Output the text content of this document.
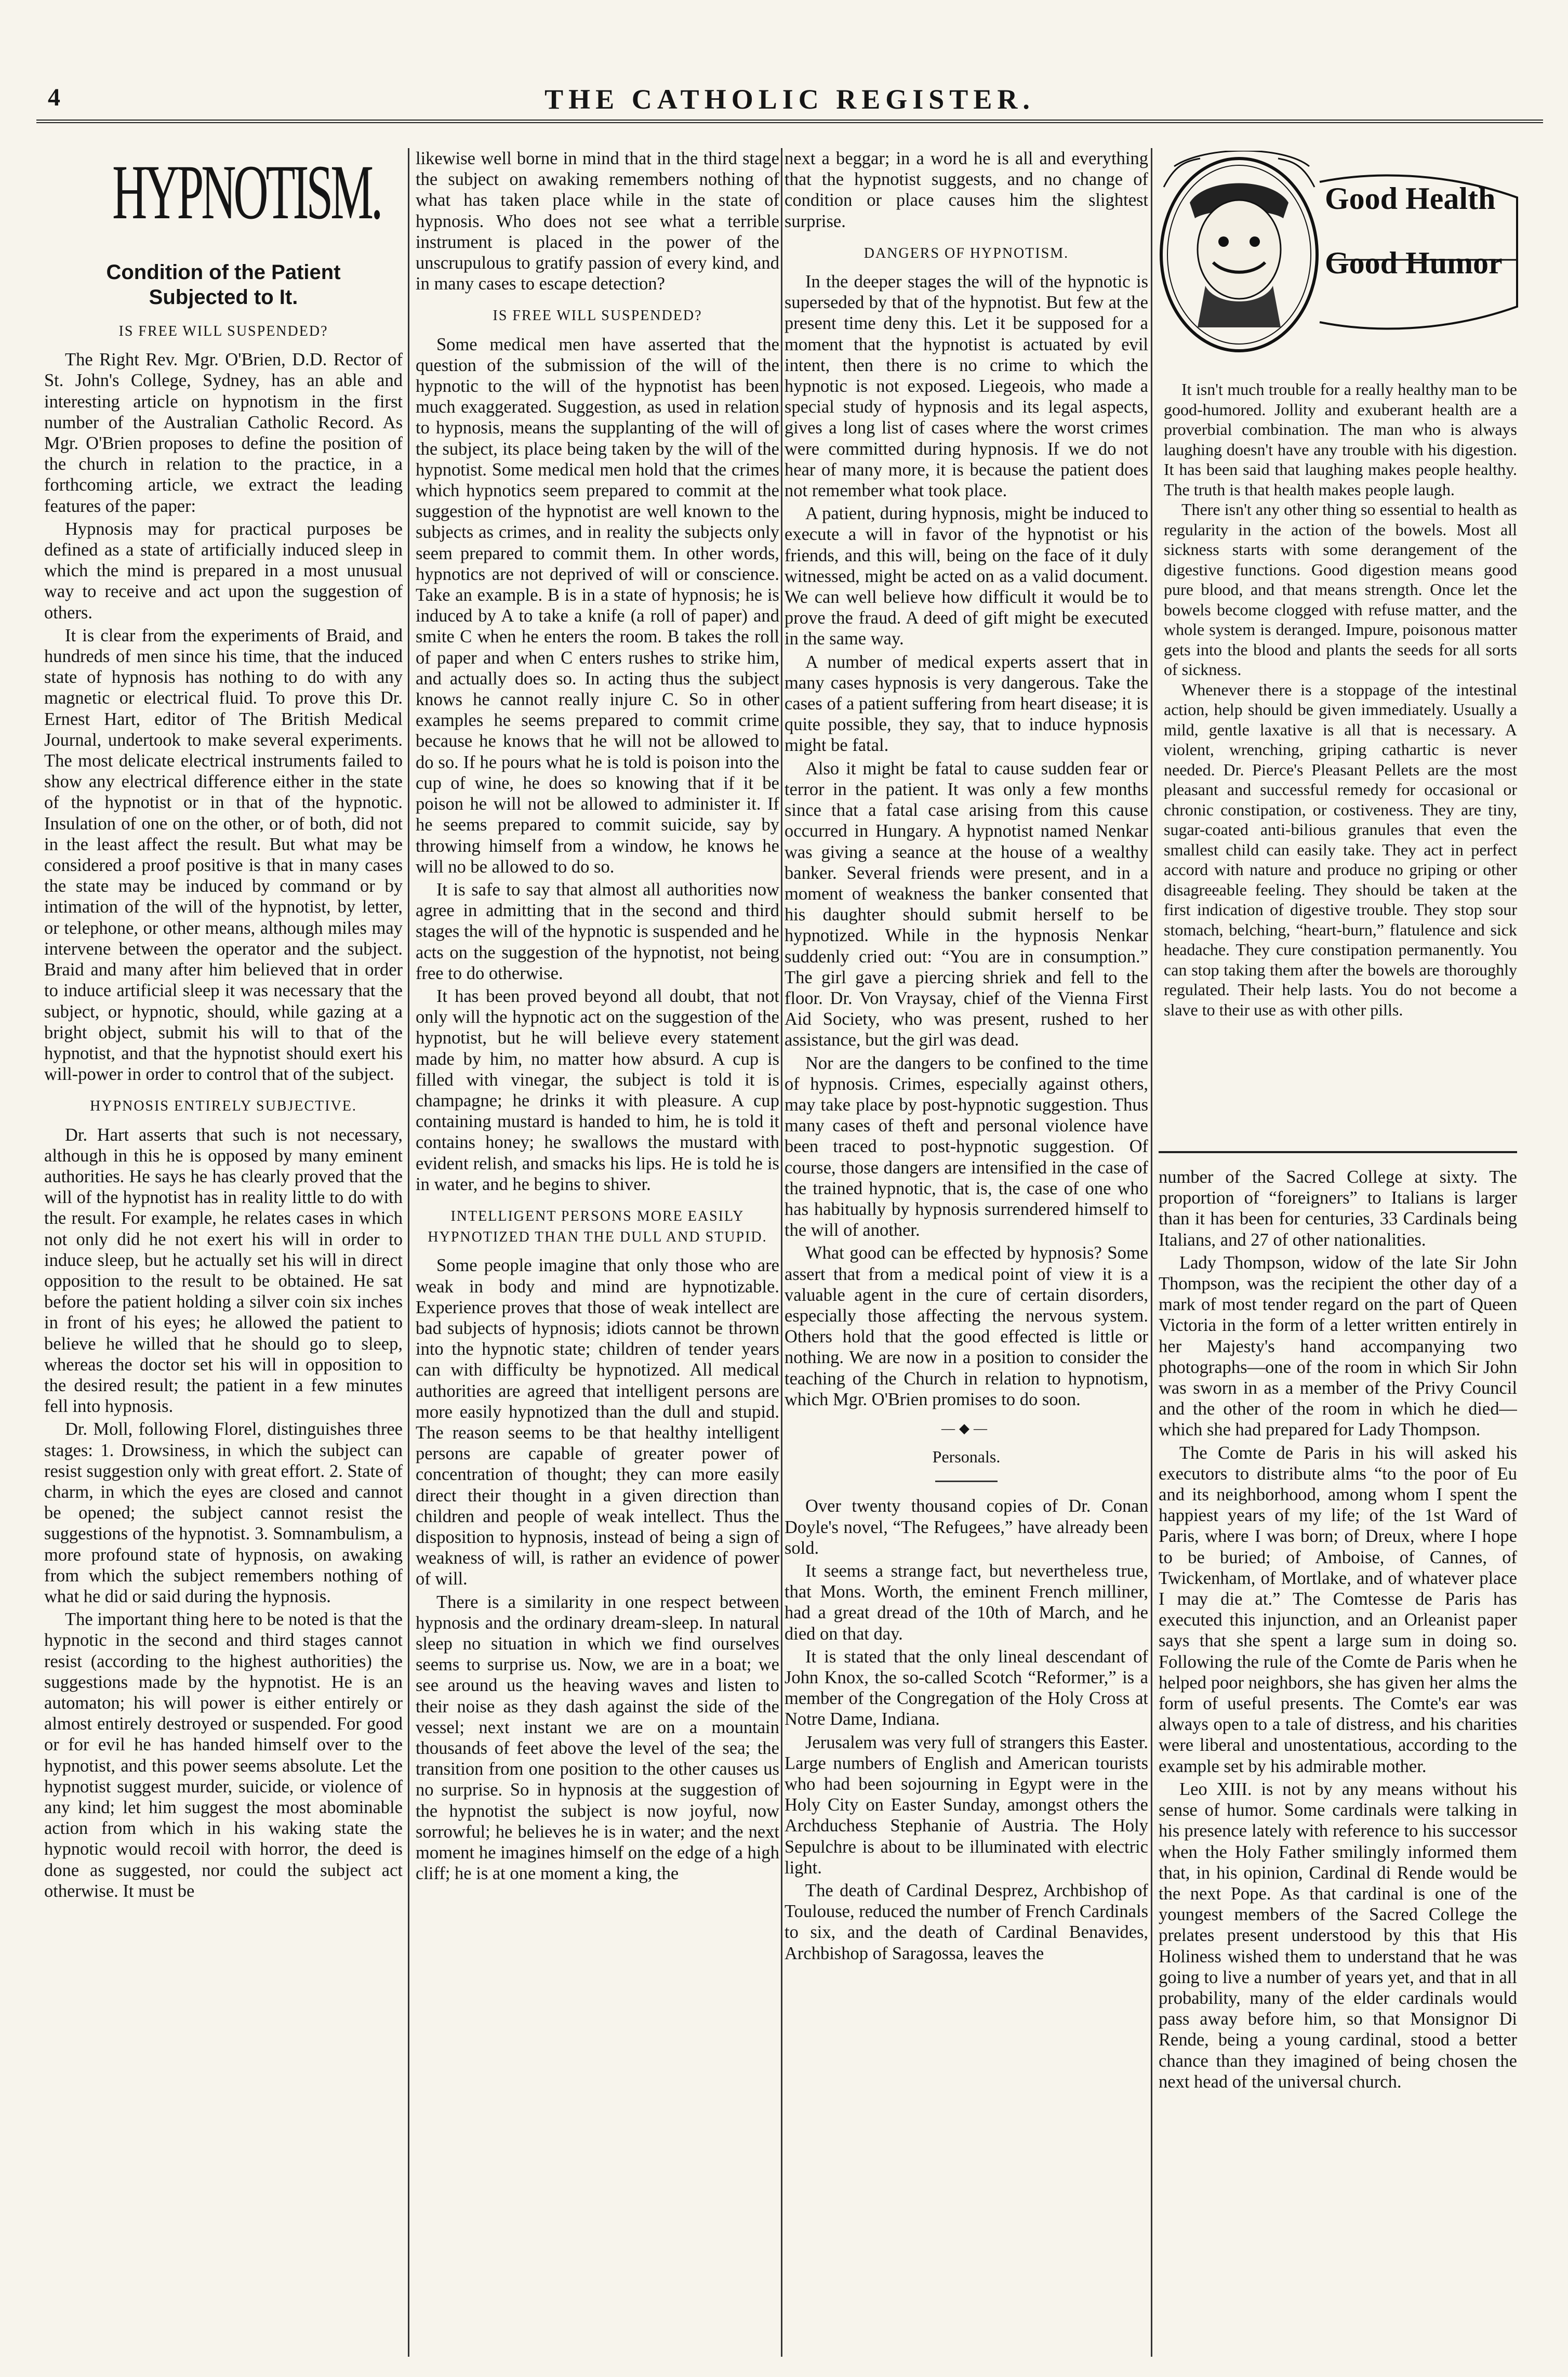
4	THE CATHOLIC REGISTER.
HYPNOTISM.
Condition of the Patient Subjected to It.
IS FREE WILL SUSPENDED?

The Right Rev. Mgr. O'Brien, D.D. Rector of St. John's College, Sydney, has an able and interesting article on hypnotism in the first number of the Australian Catholic Record. As Mgr. O'Brien proposes to define the position of the church in relation to the practice, in a forthcoming article, we extract the leading features of the paper:

Hypnosis may for practical purposes be defined as a state of artificially induced sleep in which the mind is prepared in a most unusual way to receive and act upon the suggestion of others.

It is clear from the experiments of Braid, and hundreds of men since his time, that the induced state of hypnosis has nothing to do with any magnetic or electrical fluid. To prove this Dr. Ernest Hart, editor of The British Medical Journal, undertook to make several experiments. The most delicate electrical instruments failed to show any electrical difference either in the state of the hypnotist or in that of the hypnotic. Insulation of one on the other, or of both, did not in the least affect the result. But what may be considered a proof positive is that in many cases the state may be induced by command or by intimation of the will of the hypnotist, by letter, or telephone, or other means, although miles may intervene between the operator and the subject. Braid and many after him believed that in order to induce artificial sleep it was necessary that the subject, or hypnotic, should, while gazing at a bright object, submit his will to that of the hypnotist, and that the hypnotist should exert his will-power in order to control that of the subject.

HYPNOSIS ENTIRELY SUBJECTIVE.

Dr. Hart asserts that such is not necessary, although in this he is opposed by many eminent authorities. He says he has clearly proved that the will of the hypnotist has in reality little to do with the result. For example, he relates cases in which not only did he not exert his will in order to induce sleep, but he actually set his will in direct opposition to the result to be obtained. He sat before the patient holding a silver coin six inches in front of his eyes; he allowed the patient to believe he willed that he should go to sleep, whereas the doctor set his will in opposition to the desired result; the patient in a few minutes fell into hypnosis.

Dr. Moll, following Florel, distinguishes three stages: 1. Drowsiness, in which the subject can resist suggestion only with great effort. 2. State of charm, in which the eyes are closed and cannot be opened; the subject cannot resist the suggestions of the hypnotist. 3. Somnambulism, a more profound state of hypnosis, on awaking from which the subject remembers nothing of what he did or said during the hypnosis.

The important thing here to be noted is that the hypnotic in the second and third stages cannot resist (according to the highest authorities) the suggestions made by the hypnotist. He is an automaton; his will power is either entirely or almost entirely destroyed or suspended. For good or for evil he has handed himself over to the hypnotist, and this power seems absolute. Let the hypnotist suggest murder, suicide, or violence of any kind; let him suggest the most abominable action from which in his waking state the hypnotic would recoil with horror, the deed is done as suggested, nor could the subject act otherwise. It must be

likewise well borne in mind that in the third stage the subject on awaking remembers nothing of what has taken place while in the state of hypnosis. Who does not see what a terrible instrument is placed in the power of the unscrupulous to gratify passion of every kind, and in many cases to escape detection?

IS FREE WILL SUSPENDED?

Some medical men have asserted that the question of the submission of the will of the hypnotic to the will of the hypnotist has been much exaggerated. Suggestion, as used in relation to hypnosis, means the supplanting of the will of the subject, its place being taken by the will of the hypnotist. Some medical men hold that the crimes which hypnotics seem prepared to commit at the suggestion of the hypnotist are well known to the subjects as crimes, and in reality the subjects only seem prepared to commit them. In other words, hypnotics are not deprived of will or conscience. Take an example. B is in a state of hypnosis; he is induced by A to take a knife (a roll of paper) and smite C when he enters the room. B takes the roll of paper and when C enters rushes to strike him, and actually does so. In acting thus the subject knows he cannot really injure C. So in other examples he seems prepared to commit crime because he knows that he will not be allowed to do so. If he pours what he is told is poison into the cup of wine, he does so knowing that if it be poison he will not be allowed to administer it. If he seems prepared to commit suicide, say by throwing himself from a window, he knows he will no be allowed to do so.

It is safe to say that almost all authorities now agree in admitting that in the second and third stages the will of the hypnotic is suspended and he acts on the suggestion of the hypnotist, not being free to do otherwise.

It has been proved beyond all doubt, that not only will the hypnotic act on the suggestion of the hypnotist, but he will believe every statement made by him, no matter how absurd. A cup is filled with vinegar, the subject is told it is champagne; he drinks it with pleasure. A cup containing mustard is handed to him, he is told it contains honey; he swallows the mustard with evident relish, and smacks his lips. He is told he is in water, and he begins to shiver.

INTELLIGENT PERSONS MORE EASILY HYPNOTIZED THAN THE DULL AND STUPID.

Some people imagine that only those who are weak in body and mind are hypnotizable. Experience proves that those of weak intellect are bad subjects of hypnosis; idiots cannot be thrown into the hypnotic state; children of tender years can with difficulty be hypnotized. All medical authorities are agreed that intelligent persons are more easily hypnotized than the dull and stupid. The reason seems to be that healthy intelligent persons are capable of greater power of concentration of thought; they can more easily direct their thought in a given direction than children and people of weak intellect. Thus the disposition to hypnosis, instead of being a sign of weakness of will, is rather an evidence of power of will.

There is a similarity in one respect between hypnosis and the ordinary dream-sleep. In natural sleep no situation in which we find ourselves seems to surprise us. Now, we are in a boat; we see around us the heaving waves and listen to their noise as they dash against the side of the vessel; next instant we are on a mountain thousands of feet above the level of the sea; the transition from one position to the other causes us no surprise. So in hypnosis at the suggestion of the hypnotist the subject is now joyful, now sorrowful; he believes he is in water; and the next moment he imagines himself on the edge of a high cliff; he is at one moment a king, the

next a beggar; in a word he is all and everything that the hypnotist suggests, and no change of condition or place causes him the slightest surprise.

DANGERS OF HYPNOTISM.

In the deeper stages the will of the hypnotic is superseded by that of the hypnotist. But few at the present time deny this. Let it be supposed for a moment that the hypnotist is actuated by evil intent, then there is no crime to which the hypnotic is not exposed. Liegeois, who made a special study of hypnosis and its legal aspects, gives a long list of cases where the worst crimes were committed during hypnosis. If we do not hear of many more, it is because the patient does not remember what took place.

A patient, during hypnosis, might be induced to execute a will in favor of the hypnotist or his friends, and this will, being on the face of it duly witnessed, might be acted on as a valid document. We can well believe how difficult it would be to prove the fraud. A deed of gift might be executed in the same way.

A number of medical experts assert that in many cases hypnosis is very dangerous. Take the cases of a patient suffering from heart disease; it is quite possible, they say, that to induce hypnosis might be fatal.

Also it might be fatal to cause sudden fear or terror in the patient. It was only a few months since that a fatal case arising from this cause occurred in Hungary. A hypnotist named Nenkar was giving a seance at the house of a wealthy banker. Several friends were present, and in a moment of weakness the banker consented that his daughter should submit herself to be hypnotized. While in the hypnosis Nenkar suddenly cried out: “You are in consumption.” The girl gave a piercing shriek and fell to the floor. Dr. Von Vraysay, chief of the Vienna First Aid Society, who was present, rushed to her assistance, but the girl was dead.

Nor are the dangers to be confined to the time of hypnosis. Crimes, especially against others, may take place by post-hypnotic suggestion. Thus many cases of theft and personal violence have been traced to post-hypnotic suggestion. Of course, those dangers are intensified in the case of the trained hypnotic, that is, the case of one who has habitually by hypnosis surrendered himself to the will of another.

What good can be effected by hypnosis? Some assert that from a medical point of view it is a valuable agent in the cure of certain disorders, especially those affecting the nervous system. Others hold that the good effected is little or nothing. We are now in a position to consider the teaching of the Church in relation to hypnotism, which Mgr. O'Brien promises to do soon.

—◆—
Personals.

Over twenty thousand copies of Dr. Conan Doyle's novel, “The Refugees,” have already been sold.

It seems a strange fact, but nevertheless true, that Mons. Worth, the eminent French milliner, had a great dread of the 10th of March, and he died on that day.

It is stated that the only lineal descendant of John Knox, the so-called Scotch “Reformer,” is a member of the Congregation of the Holy Cross at Notre Dame, Indiana.

Jerusalem was very full of strangers this Easter. Large numbers of English and American tourists who had been sojourning in Egypt were in the Holy City on Easter Sunday, amongst others the Archduchess Stephanie of Austria. The Holy Sepulchre is about to be illuminated with electric light.

The death of Cardinal Desprez, Archbishop of Toulouse, reduced the number of French Cardinals to six, and the death of Cardinal Benavides, Archbishop of Saragossa, leaves the

Good Health
Good Humor

It isn't much trouble for a really healthy man to be good-humored. Jollity and exuberant health are a proverbial combination. The man who is always laughing doesn't have any trouble with his digestion. It has been said that laughing makes people healthy. The truth is that health makes people laugh.

There isn't any other thing so essential to health as regularity in the action of the bowels. Most all sickness starts with some derangement of the digestive functions. Good digestion means good pure blood, and that means strength. Once let the bowels become clogged with refuse matter, and the whole system is deranged. Impure, poisonous matter gets into the blood and plants the seeds for all sorts of sickness.

Whenever there is a stoppage of the intestinal action, help should be given immediately. Usually a mild, gentle laxative is all that is necessary. A violent, wrenching, griping cathartic is never needed. Dr. Pierce's Pleasant Pellets are the most pleasant and successful remedy for occasional or chronic constipation, or costiveness. They are tiny, sugar-coated anti-bilious granules that even the smallest child can easily take. They act in perfect accord with nature and produce no griping or other disagreeable feeling. They should be taken at the first indication of digestive trouble. They stop sour stomach, belching, “heart-burn,” flatulence and sick headache. They cure constipation permanently. You can stop taking them after the bowels are thoroughly regulated. Their help lasts. You do not become a slave to their use as with other pills.

number of the Sacred College at sixty. The proportion of “foreigners” to Italians is larger than it has been for centuries, 33 Cardinals being Italians, and 27 of other nationalities.

Lady Thompson, widow of the late Sir John Thompson, was the recipient the other day of a mark of most tender regard on the part of Queen Victoria in the form of a letter written entirely in her Majesty's hand accompanying two photographs—one of the room in which Sir John was sworn in as a member of the Privy Council and the other of the room in which he died—which she had prepared for Lady Thompson.

The Comte de Paris in his will asked his executors to distribute alms “to the poor of Eu and its neighborhood, among whom I spent the happiest years of my life; of the 1st Ward of Paris, where I was born; of Dreux, where I hope to be buried; of Amboise, of Cannes, of Twickenham, of Mortlake, and of whatever place I may die at.” The Comtesse de Paris has executed this injunction, and an Orleanist paper says that she spent a large sum in doing so. Following the rule of the Comte de Paris when he helped poor neighbors, she has given her alms the form of useful presents. The Comte's ear was always open to a tale of distress, and his charities were liberal and unostentatious, according to the example set by his admirable mother.

Leo XIII. is not by any means without his sense of humor. Some cardinals were talking in his presence lately with reference to his successor when the Holy Father smilingly informed them that, in his opinion, Cardinal di Rende would be the next Pope. As that cardinal is one of the youngest members of the Sacred College the prelates present understood by this that His Holiness wished them to understand that he was going to live a number of years yet, and that in all probability, many of the elder cardinals would pass away before him, so that Monsignor Di Rende, being a young cardinal, stood a better chance than they imagined of being chosen the next head of the universal church.
